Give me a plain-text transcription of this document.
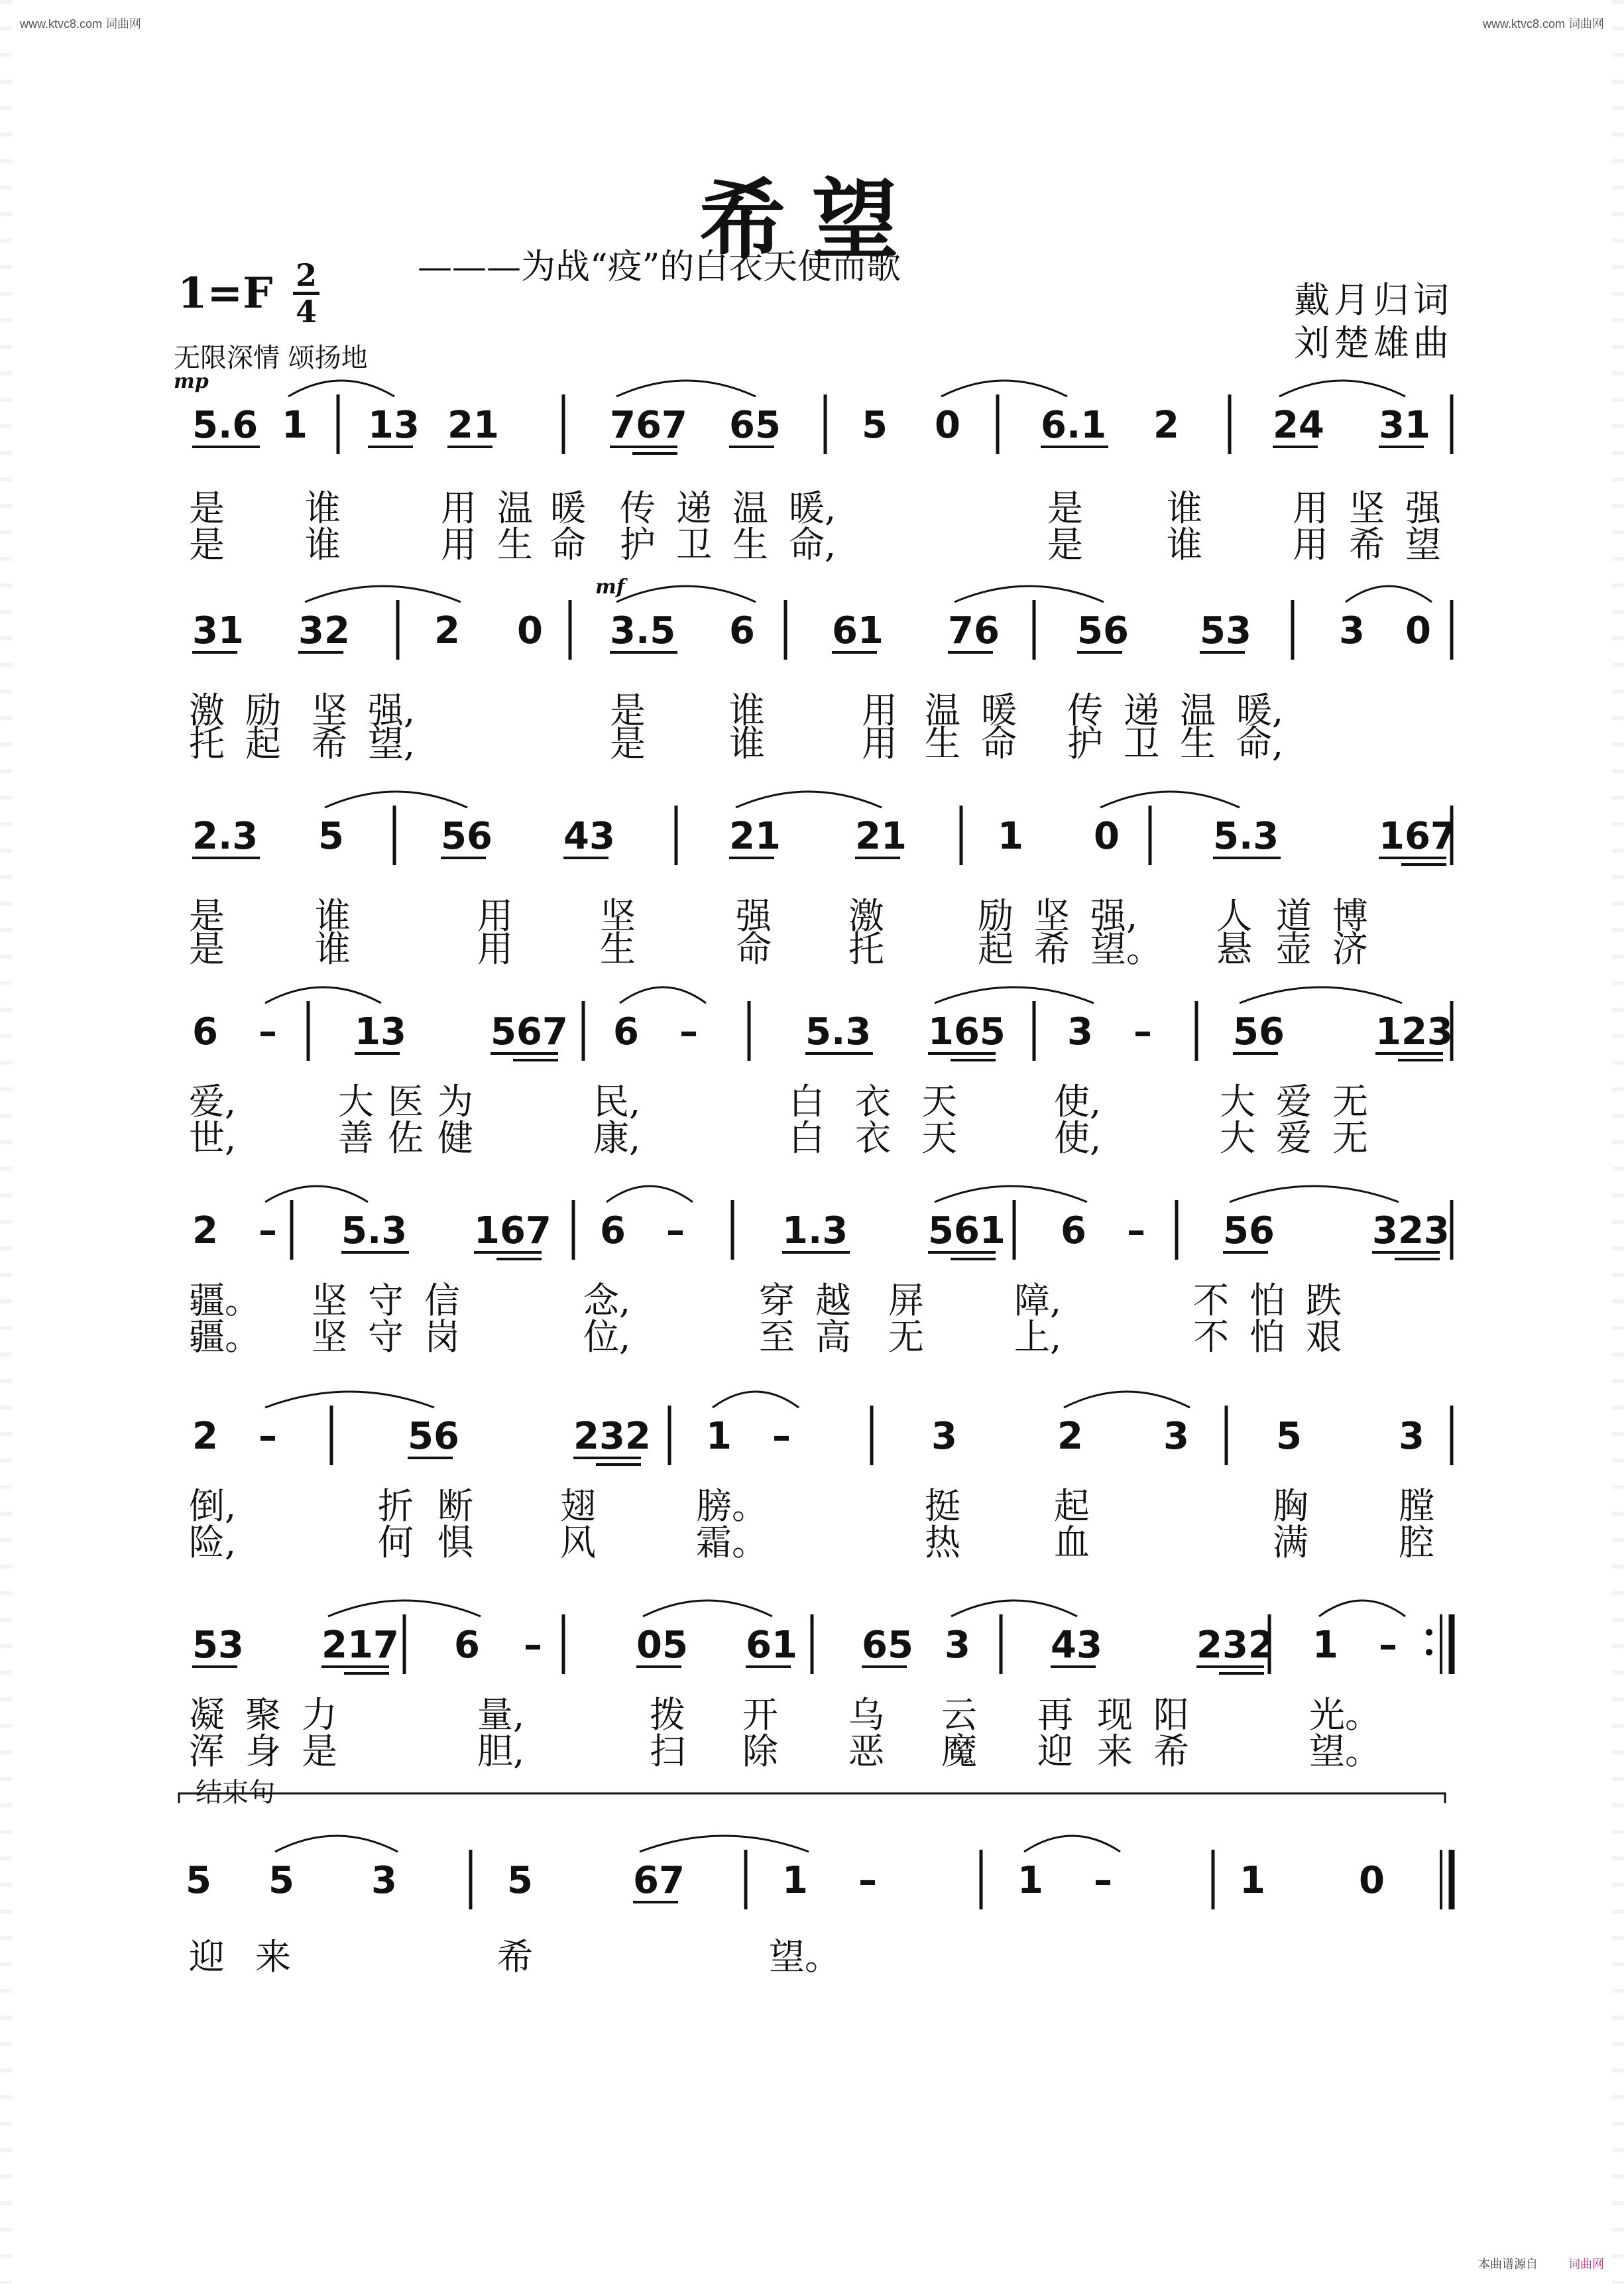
www.ktvc8.com 词曲网	www.ktvc8.com 词曲网
希望
———为战“疫”的白衣天使而歌
1=F 2
4	戴月归词
刘楚雄曲
无限深情 颂扬地
mp
5.6 1 13 21	767 65 5 0 6.1 2	24 31
是 谁	用 温 暖 传 递 温 暖,	是 谁	用 坚 强
是 谁	用 生 命 护 卫 生 命,	是 谁	用 希 望
mf
31 32 2 0 3.5 6 61 76 56 53 3 0
激 励 坚 强,	是 谁	用 温 暖 传 递 温 暖,
托 起 希 望,	是 谁	用 生 命 护 卫 生 命,
2.3 5	56 43	21 21 1 0	5.3	167
是	谁	用 坚	强 激	励 坚 强, 人 道 博
是	谁	用 生	命 托	起 希 望。 悬 壶 济
6 – 13 567 6 –	5.3 165 3 – 56 123
爱,	大 医 为	民,	白 衣 天	使,	大 爱 无
世,	善 佐 健	康,	白 衣 天	使,	大 爱 无
2 – 5.3 167 6 –	1.3 561 6 – 56	323
疆。 坚 守 信	念,	穿 越 屏	障,	不 怕 跌
疆。 坚 守 岗	位,	至 高 无	上,	不 怕 艰
2 –	56	232 1 –	3	2 3 5	3
倒,	折 断 翅	膀。	挺	起	胸	膛
险,	何 惧 风	霜。	热	血	满	腔
53 217 6 –	05 61 65 3 43	232 1 –
凝 聚 力	量,	拨 开 乌 云 再 现 阳	光。
浑 身 是	胆,	扫 除 恶 魔 迎 来 希	望。
结束句
5 5 3	5	67	1 –	1 –	1	0
迎 来	希	望。
本曲谱源自	词曲网
